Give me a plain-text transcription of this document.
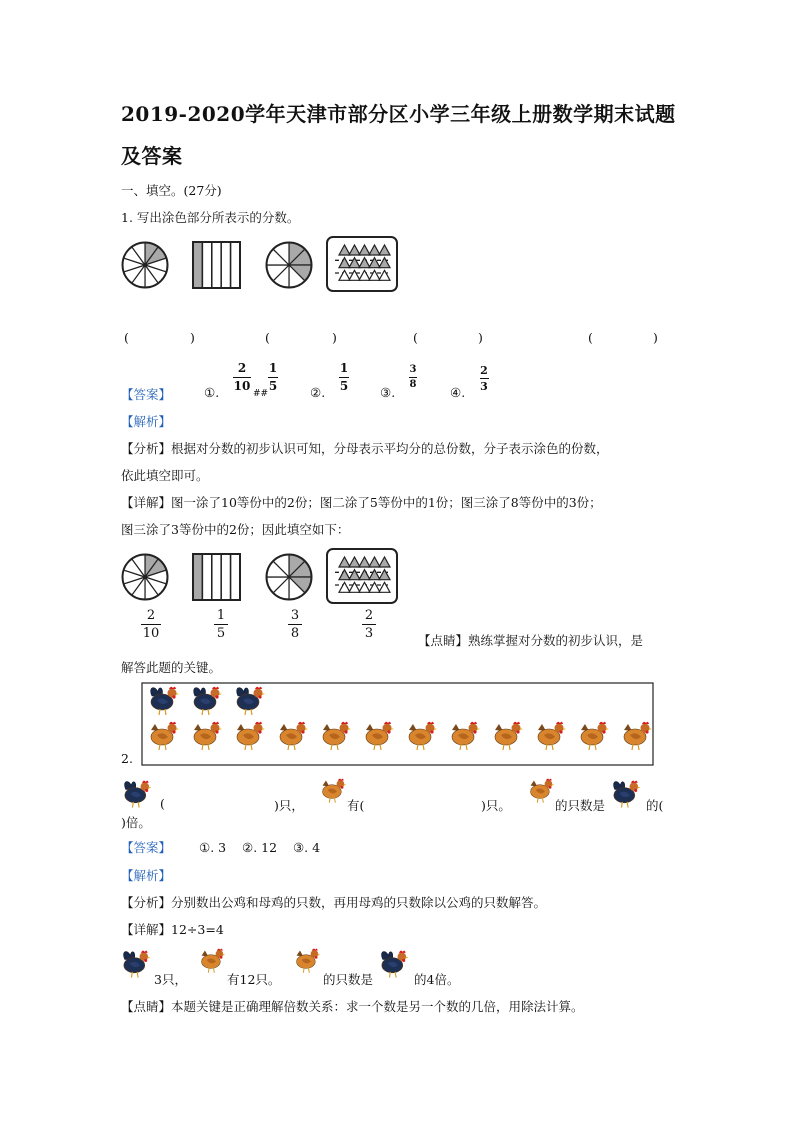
2019-2020学年天津市部分区小学三年级上册数学期末试题
及答案
一、填空。(27分)
1. 写出涂色部分所表示的分数。
(	)	(	)	(	)	(	)
【答案】	①.
2
10
##
1
5	②.
1
5	③.
3
8
④.
2
3
【解析】
【分析】根据对分数的初步认识可知，分母表示平均分的总份数，分子表示涂色的份数，
依此填空即可。
【详解】图一涂了10等份中的2份；图二涂了5等份中的1份；图三涂了8等份中的3份；
图三涂了3等份中的2份；因此填空如下：
2
10
1
5
3
8
2
3	【点睛】熟练掌握对分数的初步认识，是
解答此题的关键。
2.
(	)只，	有(	)只。	的只数是	的(
)倍。
【答案】 ①. 3    ②. 12    ③. 4
【解析】
【分析】分别数出公鸡和母鸡的只数，再用母鸡的只数除以公鸡的只数解答。
【详解】12÷3=4
3只，	有12只。	的只数是	的4倍。
【点睛】本题关键是正确理解倍数关系：求一个数是另一个数的几倍，用除法计算。
